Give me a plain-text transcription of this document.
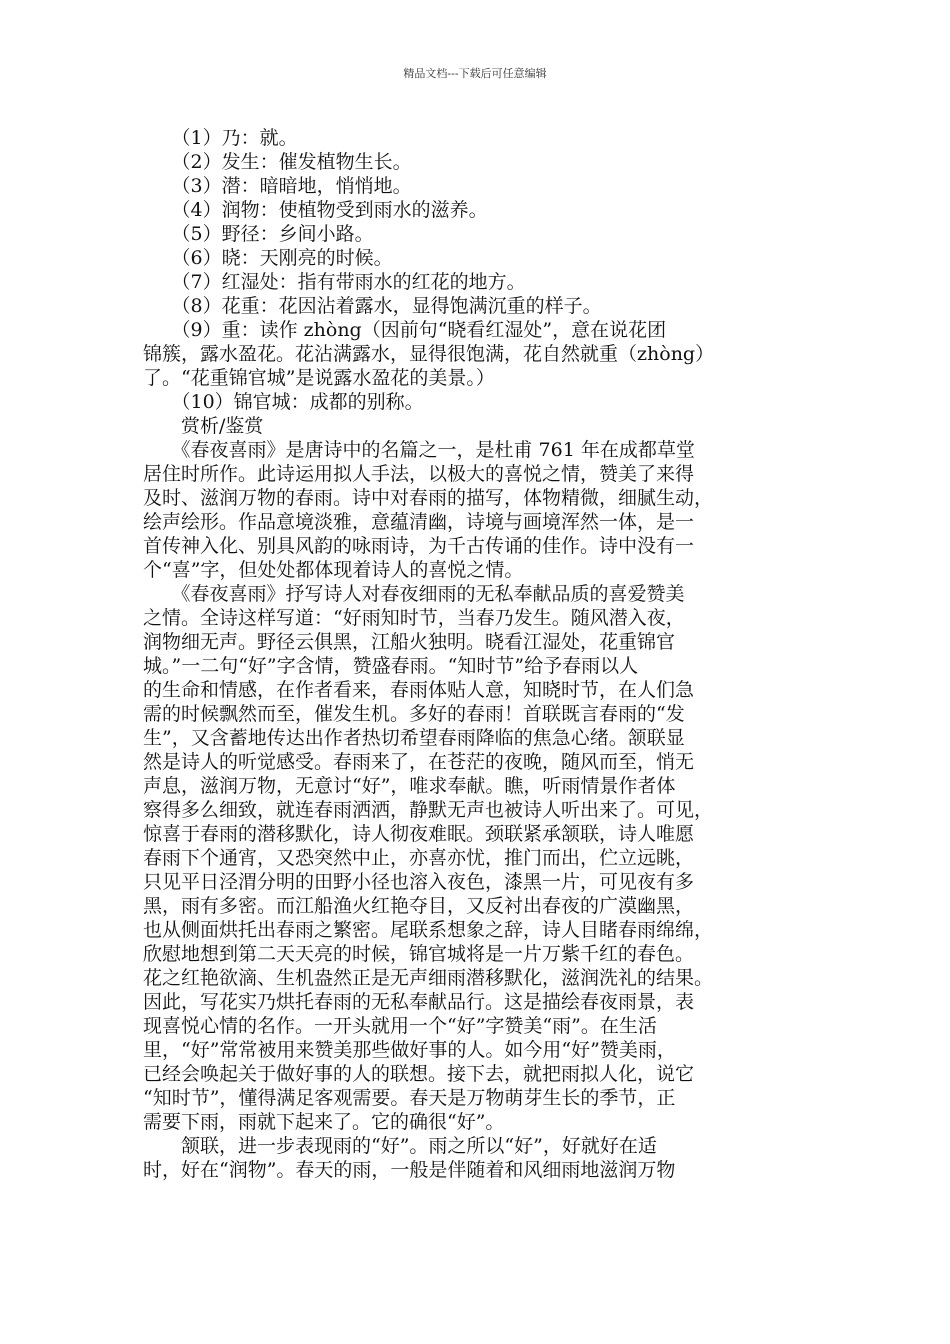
精品文档---下载后可任意编辑
　　（1）乃：就。
　　（2）发生：催发植物生长。
　　（3）潜：暗暗地，悄悄地。
　　（4）润物：使植物受到雨水的滋养。
　　（5）野径：乡间小路。
　　（6）晓：天刚亮的时候。
　　（7）红湿处：指有带雨水的红花的地方。
　　（8）花重：花因沾着露水，显得饱满沉重的样子。
　　（9）重：读作 zhòng（因前句“晓看红湿处”，意在说花团
锦簇，露水盈花。花沾满露水，显得很饱满，花自然就重（zhòng）
了。“花重锦官城”是说露水盈花的美景。）
　　（10）锦官城：成都的别称。
　　赏析/鉴赏
　　《春夜喜雨》是唐诗中的名篇之一，是杜甫 761 年在成都草堂
居住时所作。此诗运用拟人手法，以极大的喜悦之情，赞美了来得
及时、滋润万物的春雨。诗中对春雨的描写，体物精微，细腻生动，
绘声绘形。作品意境淡雅，意蕴清幽，诗境与画境浑然一体，是一
首传神入化、别具风韵的咏雨诗，为千古传诵的佳作。诗中没有一
个“喜”字，但处处都体现着诗人的喜悦之情。
　　《春夜喜雨》抒写诗人对春夜细雨的无私奉献品质的喜爱赞美
之情。全诗这样写道：“好雨知时节，当春乃发生。随风潜入夜，
润物细无声。野径云俱黑，江船火独明。晓看江湿处，花重锦官
城。”一二句“好”字含情，赞盛春雨。“知时节”给予春雨以人
的生命和情感，在作者看来，春雨体贴人意，知晓时节，在人们急
需的时候飘然而至，催发生机。多好的春雨！首联既言春雨的“发
生”，又含蓄地传达出作者热切希望春雨降临的焦急心绪。颔联显
然是诗人的听觉感受。春雨来了，在苍茫的夜晚，随风而至，悄无
声息，滋润万物，无意讨“好”，唯求奉献。瞧，听雨情景作者体
察得多么细致，就连春雨洒洒，静默无声也被诗人听出来了。可见，
惊喜于春雨的潜移默化，诗人彻夜难眠。颈联紧承颔联，诗人唯愿
春雨下个通宵，又恐突然中止，亦喜亦忧，推门而出，伫立远眺，
只见平日泾渭分明的田野小径也溶入夜色，漆黑一片，可见夜有多
黑，雨有多密。而江船渔火红艳夺目，又反衬出春夜的广漠幽黑，
也从侧面烘托出春雨之繁密。尾联系想象之辞，诗人目睹春雨绵绵，
欣慰地想到第二天天亮的时候，锦官城将是一片万紫千红的春色。
花之红艳欲滴、生机盎然正是无声细雨潜移默化，滋润洗礼的结果。
因此，写花实乃烘托春雨的无私奉献品行。这是描绘春夜雨景，表
现喜悦心情的名作。一开头就用一个“好”字赞美“雨”。在生活
里，“好”常常被用来赞美那些做好事的人。如今用“好”赞美雨，
已经会唤起关于做好事的人的联想。接下去，就把雨拟人化，说它
“知时节”，懂得满足客观需要。春天是万物萌芽生长的季节，正
需要下雨，雨就下起来了。它的确很“好”。
　　颔联，进一步表现雨的“好”。雨之所以“好”，好就好在适
时，好在“润物”。春天的雨，一般是伴随着和风细雨地滋润万物
